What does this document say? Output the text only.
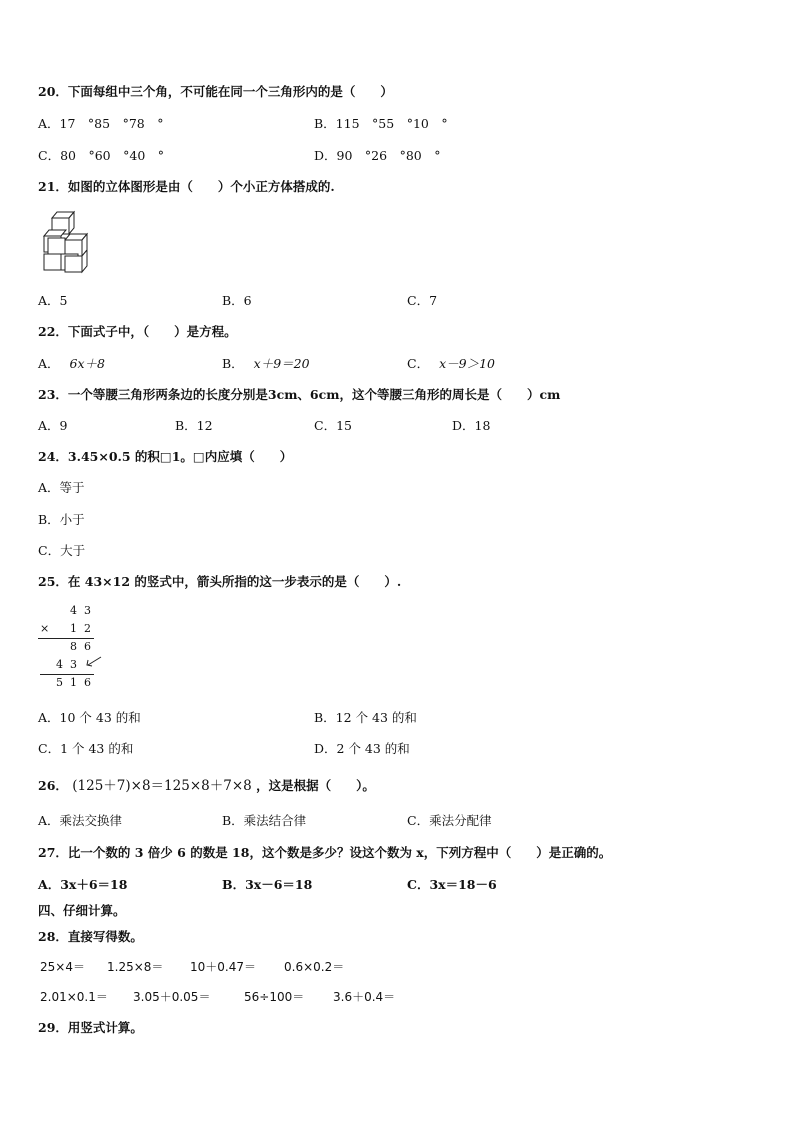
20．下面每组中三个角，不可能在同一个三角形内的是（　　）
A．17　°85　°78　°	B．115　°55　°10　°
C．80　°60　°40　°	D．90　°26　°80　°
21．如图的立体图形是由（　　）个小正方体搭成的.
A．5	B．6	C．7
22．下面式子中，（　　）是方程。
A． 6x＋8	B． x＋9＝20	C． x－9＞10
23．一个等腰三角形两条边的长度分别是3cm、6cm，这个等腰三角形的周长是（　　）cm
A．9	B．12	C．15	D．18
24．3.45×0.5 的积□1。□内应填（　　）
A．等于
B．小于
C．大于
25．在 43×12 的竖式中，箭头所指的这一步表示的是（　　）.
4 3
× 1 2
8 6
4 3
5 1 6
A．10 个 43 的和	B．12 个 43 的和
C．1 个 43 的和	D．2 个 43 的和
26． (125＋7)×8＝125×8＋7×8 ，这是根据（　　）。
A．乘法交换律	B．乘法结合律	C．乘法分配律
27．比一个数的 3 倍少 6 的数是 18，这个数是多少？设这个数为 x，下列方程中（　　）是正确的。
A．3x＋6＝18	B．3x－6＝18	C．3x＝18－6
四、仔细计算。
28．直接写得数。
25×4＝ 1.25×8＝ 10＋0.47＝ 0.6×0.2＝
2.01×0.1＝ 3.05＋0.05＝	56÷100＝ 3.6＋0.4＝
29．用竖式计算。
